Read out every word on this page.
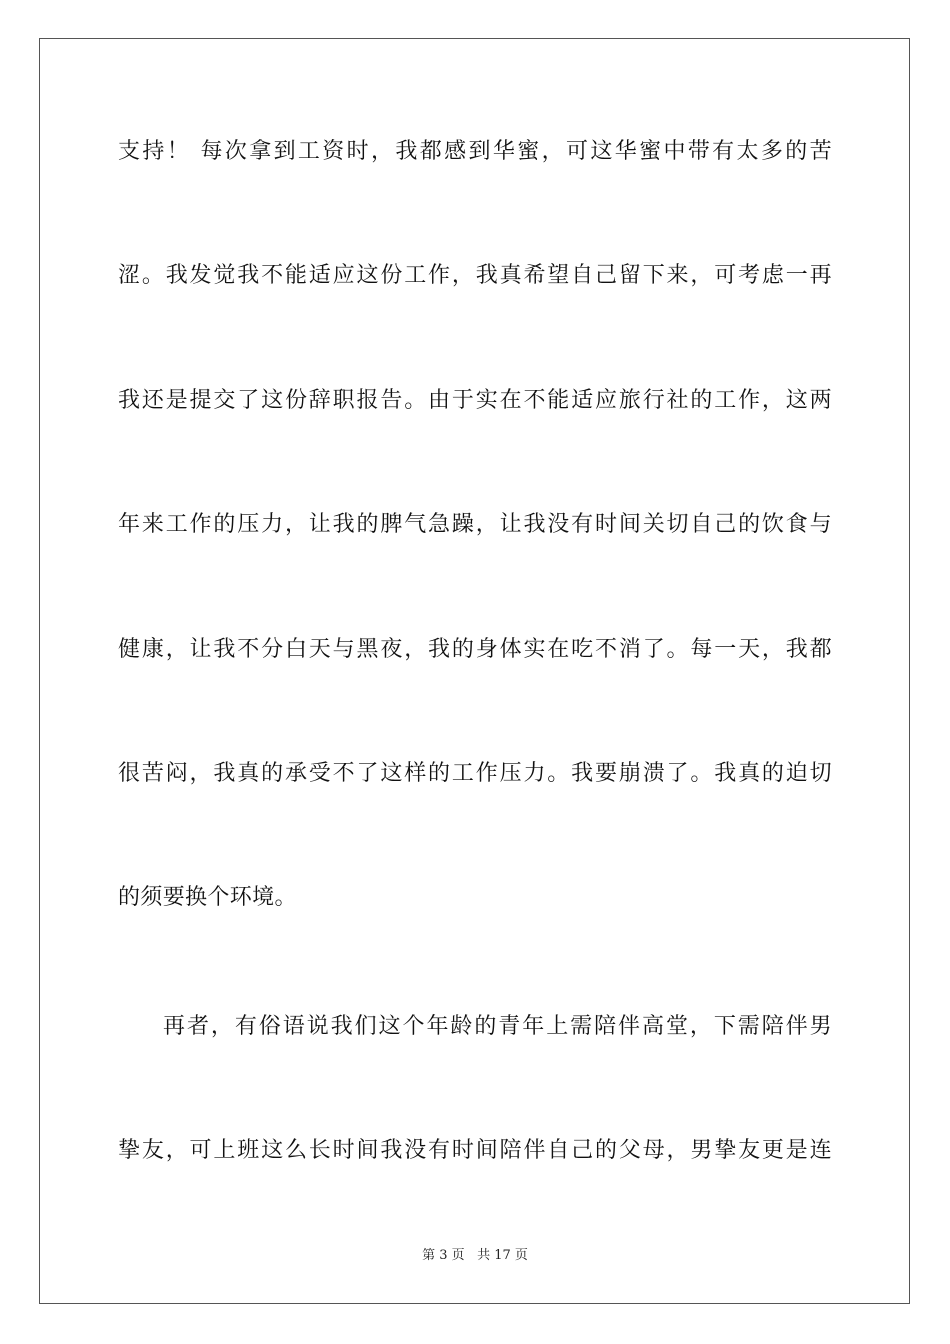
支持！ 每次拿到工资时，我都感到华蜜，可这华蜜中带有太多的苦
涩。我发觉我不能适应这份工作，我真希望自己留下来，可考虑一再
我还是提交了这份辞职报告。由于实在不能适应旅行社的工作，这两
年来工作的压力，让我的脾气急躁，让我没有时间关切自己的饮食与
健康，让我不分白天与黑夜，我的身体实在吃不消了。每一天，我都
很苦闷，我真的承受不了这样的工作压力。我要崩溃了。我真的迫切
的须要换个环境。
再者，有俗语说我们这个年龄的青年上需陪伴高堂，下需陪伴男
挚友，可上班这么长时间我没有时间陪伴自己的父母，男挚友更是连
第 3 页 共 17 页
